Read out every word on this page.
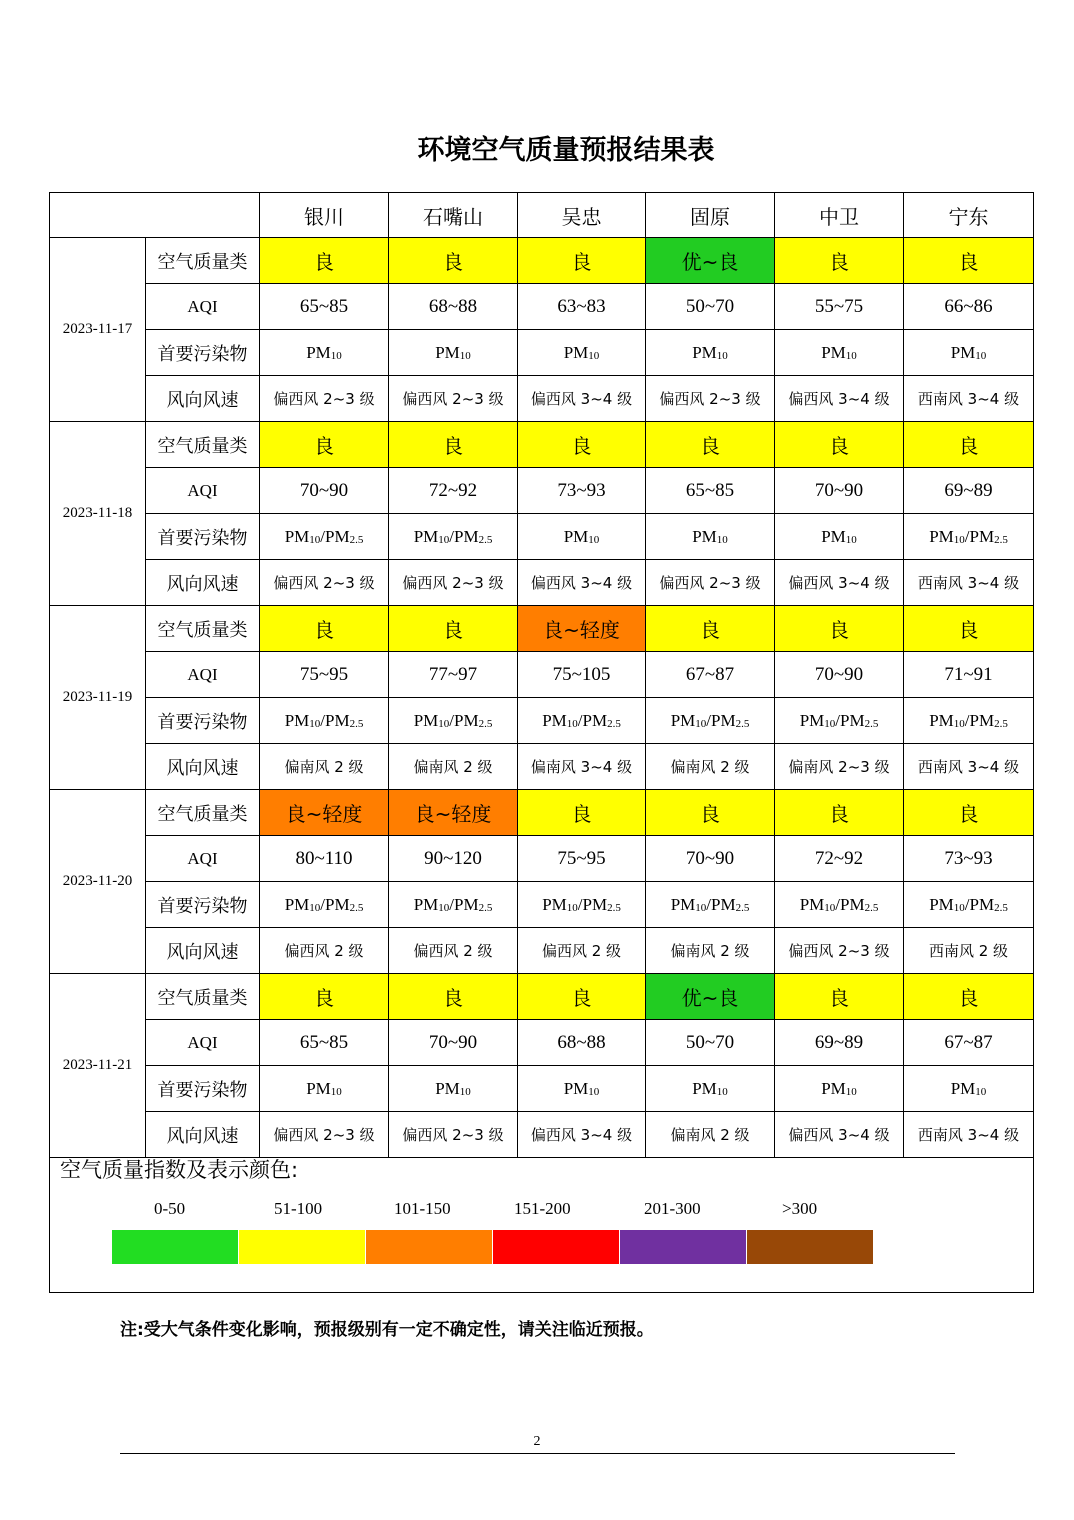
环境空气质量预报结果表
		银川	石嘴山	吴忠	固原	中卫	宁东
2023-11-17	空气质量类	良	良	良	优~良	良	良
	AQI	65~85	68~88	63~83	50~70	55~75	66~86
	首要污染物	$PM_{10}$	$PM_{10}$	$PM_{10}$	$PM_{10}$	$PM_{10}$	$PM_{10}$
	风向风速	偏西风 2~3 级	偏西风 2~3 级	偏西风 3~4 级	偏西风 2~3 级	偏西风 3~4 级	西南风 3~4 级
2023-11-18	空气质量类	良	良	良	良	良	良
	AQI	70~90	72~92	73~93	65~85	70~90	69~89
	首要污染物	$PM_{10}/PM_{2.5}$	$PM_{10}/PM_{2.5}$	$PM_{10}$	$PM_{10}$	$PM_{10}$	$PM_{10}/PM_{2.5}$
	风向风速	偏西风 2~3 级	偏西风 2~3 级	偏西风 3~4 级	偏西风 2~3 级	偏西风 3~4 级	西南风 3~4 级
2023-11-19	空气质量类	良	良	良~轻度	良	良	良
	AQI	75~95	77~97	75~105	67~87	70~90	71~91
	首要污染物	$PM_{10}/PM_{2.5}$	$PM_{10}/PM_{2.5}$	$PM_{10}/PM_{2.5}$	$PM_{10}/PM_{2.5}$	$PM_{10}/PM_{2.5}$	$PM_{10}/PM_{2.5}$
	风向风速	偏南风 2 级	偏南风 2 级	偏南风 3~4 级	偏南风 2 级	偏南风 2~3 级	西南风 3~4 级
2023-11-20	空气质量类	良~轻度	良~轻度	良	良	良	良
	AQI	80~110	90~120	75~95	70~90	72~92	73~93
	首要污染物	$PM_{10}/PM_{2.5}$	$PM_{10}/PM_{2.5}$	$PM_{10}/PM_{2.5}$	$PM_{10}/PM_{2.5}$	$PM_{10}/PM_{2.5}$	$PM_{10}/PM_{2.5}$
	风向风速	偏西风 2 级	偏西风 2 级	偏西风 2 级	偏南风 2 级	偏西风 2~3 级	西南风 2 级
2023-11-21	空气质量类	良	良	良	优~良	良	良
	AQI	65~85	70~90	68~88	50~70	69~89	67~87
	首要污染物	$PM_{10}$	$PM_{10}$	$PM_{10}$	$PM_{10}$	$PM_{10}$	$PM_{10}$
	风向风速	偏西风 2~3 级	偏西风 2~3 级	偏西风 3~4 级	偏南风 2 级	偏西风 3~4 级	西南风 3~4 级
空气质量指数及表示颜色:
0-50	51-100	101-150	151-200	201-300	>300
注:受大气条件变化影响，预报级别有一定不确定性，请关注临近预报。
2
